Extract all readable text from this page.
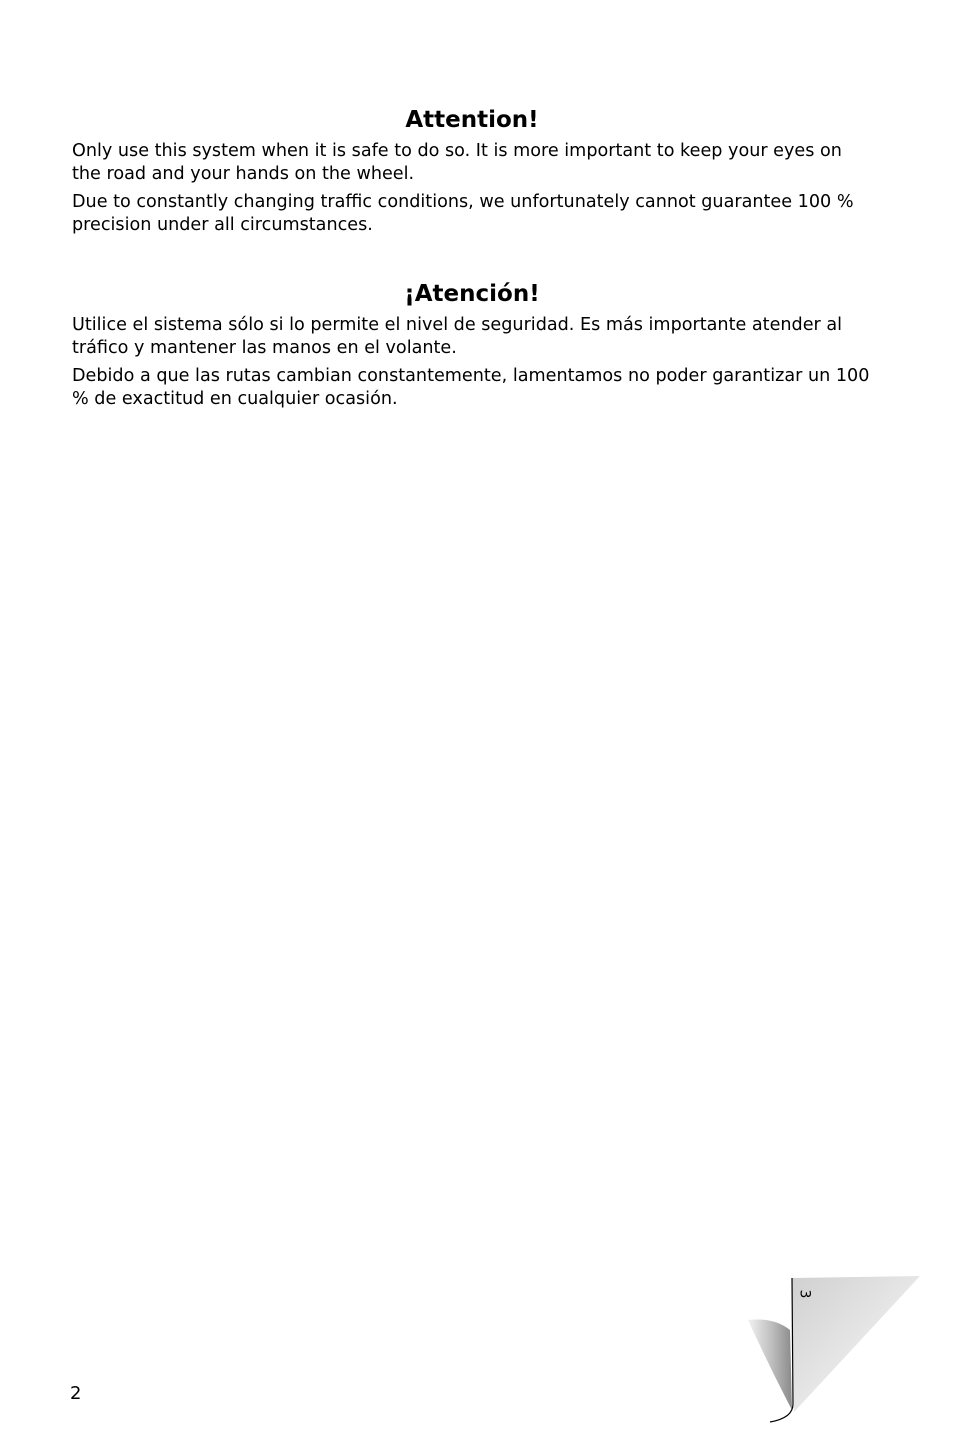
Attention!

Only use this system when it is safe to do so. It is more important to keep your eyes on the road and your hands on the wheel.

Due to constantly changing traffic conditions, we unfortunately cannot guarantee 100 % precision under all circumstances.

¡Atención!

Utilice el sistema sólo si lo permite el nivel de seguridad. Es más importante atender al tráfico y mantener las manos en el volante.

Debido a que las rutas cambian constantemente, lamentamos no poder garantizar un 100 % de exactitud en cualquier ocasión.

2
3
